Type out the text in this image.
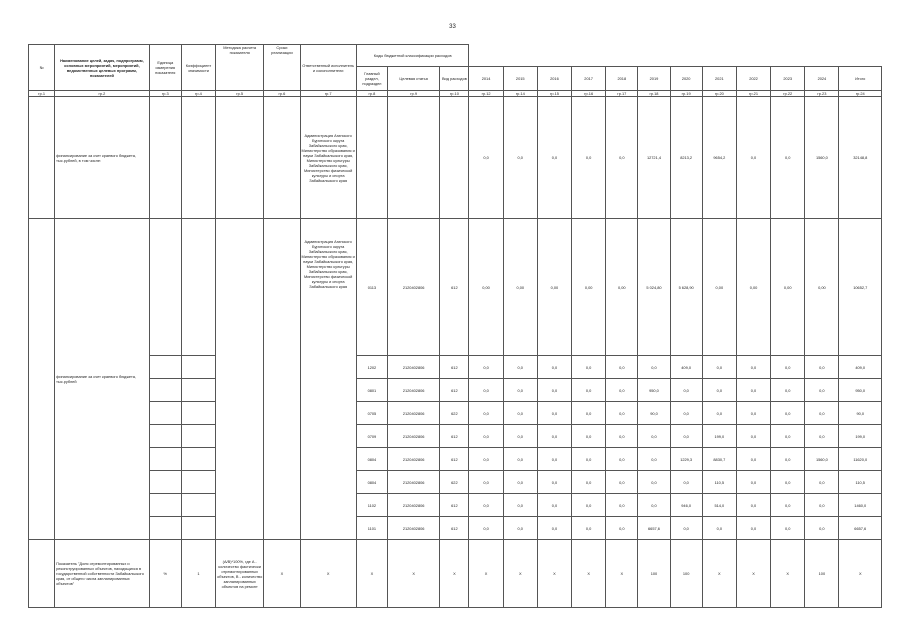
33
№	Наименование целей, задач, подпрограмм, основных мероприятий, мероприятий, ведомственных целевых программ, показателей	Единица измерения показателя	Коэффициент значимости	Методика расчета показателя	Сроки реализации	Ответственный исполнитель и соисполнители	Коды бюджетной классификации расходов														
							Главный раздел, подраздел	Целевая статья	Вид расходов	2014	2015	2016	2017	2018	2019	2020	2021	2022	2023	2024	Итого
гр.1	гр.2	гр.3	гр.4	гр.5	гр.6	гр.7	гр.8	гр.9	гр.10	гр.12	гр.14	гр.15	гр.16	гр.17	гр.18	гр.19	гр.20	гр.21	гр.22	гр.23	гр.24
	финансирование за счет краевого бюджета, тыс.рублей, в том числе:					Администрация Агинского Бурятского округа Забайкальского края, Министерство образования и науки Забайкальского края, Министерство культуры Забайкальского края, Министерство физической культуры и спорта Забайкальского края				0,0	0,0	0,0	0,0	0,0	12721,4	8213,2	9654,2	0,0	0,0	1560,0	32148,8
	финансирование за счет краевого бюджета, тыс.рублей					Администрация Агинского Бурятского округа Забайкальского края, Министерство образования и науки Забайкальского края, Министерство культуры Забайкальского края, Министерство физической культуры и спорта Забайкальского края	0113	2120402806	612	0,00	0,00	0,00	0,00	0,00	5 024,80	5 628,90	0,00	0,00	0,00	0,00	10652,7
							1202	2120402806	612	0,0	0,0	0,0	0,0	0,0	0,0	409,0	0,0	0,0	0,0	0,0	409,0
							0801	2120402806	612	0,0	0,0	0,0	0,0	0,0	950,0	0,0	0,0	0,0	0,0	0,0	950,0
							0705	2120402806	622	0,0	0,0	0,0	0,0	0,0	90,0	0,0	0,0	0,0	0,0	0,0	90,0
							0709	2120402806	612	0,0	0,0	0,0	0,0	0,0	0,0	0,0	199,0	0,0	0,0	0,0	199,0
							0804	2120402806	612	0,0	0,0	0,0	0,0	0,0	0,0	1229,3	8830,7	0,0	0,0	1560,0	11620,0
							0804	2120402806	622	0,0	0,0	0,0	0,0	0,0	0,0	0,0	110,5	0,0	0,0	0,0	110,5
							1102	2120402806	612	0,0	0,0	0,0	0,0	0,0	0,0	946,0	514,0	0,0	0,0	0,0	1460,0
							1101	2120402806	612	0,0	0,0	0,0	0,0	0,0	6657,6	0,0	0,0	0,0	0,0	0,0	6657,6
	Показатель "Доля отремонтированных и реконструированных объектов, находящихся в государственной собственности Забайкальского края, от общего числа запланированных объектов"	%	1	(A/B)*100%, где A - количество фактически отремонтированных объектов, B - количество запланированных объектов на ремонт	X	X	X	X	X	X	X	X	X	X	100	100	X	X	X	100	X
